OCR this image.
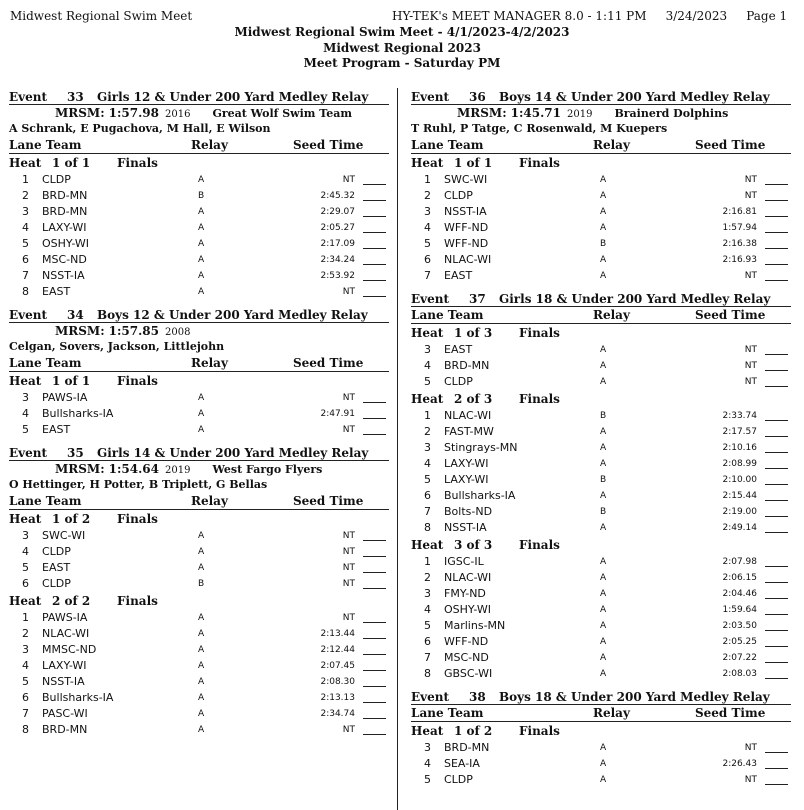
Midwest Regional Swim Meet	HY-TEK's MEET MANAGER 8.0 - 1:11 PM     3/24/2023     Page 1
Midwest Regional Swim Meet - 4/1/2023-4/2/2023
Midwest Regional 2023
Meet Program - Saturday PM
Event 33 Girls 12 & Under 200 Yard Medley Relay
MRSM: 1:57.98 2016 Great Wolf Swim Team
A Schrank, E Pugachova, M Hall, E Wilson
Lane Team	Relay	Seed Time
Heat 1 of 1 Finals
1 CLDP	A	NT
2 BRD-MN	B	2:45.32
3 BRD-MN	A	2:29.07
4 LAXY-WI	A	2:05.27
5 OSHY-WI	A	2:17.09
6 MSC-ND	A	2:34.24
7 NSST-IA	A	2:53.92
8 EAST	A	NT
Event 34 Boys 12 & Under 200 Yard Medley Relay
MRSM: 1:57.85 2008
Celgan, Sovers, Jackson, Littlejohn
Lane Team	Relay	Seed Time
Heat 1 of 1 Finals
3 PAWS-IA	A	NT
4 Bullsharks-IA	A	2:47.91
5 EAST	A	NT
Event 35 Girls 14 & Under 200 Yard Medley Relay
MRSM: 1:54.64 2019 West Fargo Flyers
O Hettinger, H Potter, B Triplett, G Bellas
Lane Team	Relay	Seed Time
Heat 1 of 2 Finals
3 SWC-WI	A	NT
4 CLDP	A	NT
5 EAST	A	NT
6 CLDP	B	NT
Heat 2 of 2 Finals
1 PAWS-IA	A	NT
2 NLAC-WI	A	2:13.44
3 MMSC-ND	A	2:12.44
4 LAXY-WI	A	2:07.45
5 NSST-IA	A	2:08.30
6 Bullsharks-IA	A	2:13.13
7 PASC-WI	A	2:34.74
8 BRD-MN	A	NT
Event 36 Boys 14 & Under 200 Yard Medley Relay
MRSM: 1:45.71 2019 Brainerd Dolphins
T Ruhl, P Tatge, C Rosenwald, M Kuepers
Lane Team	Relay	Seed Time
Heat 1 of 1 Finals
1 SWC-WI	A	NT
2 CLDP	A	NT
3 NSST-IA	A	2:16.81
4 WFF-ND	A	1:57.94
5 WFF-ND	B	2:16.38
6 NLAC-WI	A	2:16.93
7 EAST	A	NT
Event 37 Girls 18 & Under 200 Yard Medley Relay
Lane Team	Relay	Seed Time
Heat 1 of 3 Finals
3 EAST	A	NT
4 BRD-MN	A	NT
5 CLDP	A	NT
Heat 2 of 3 Finals
1 NLAC-WI	B	2:33.74
2 FAST-MW	A	2:17.57
3 Stingrays-MN	A	2:10.16
4 LAXY-WI	A	2:08.99
5 LAXY-WI	B	2:10.00
6 Bullsharks-IA	A	2:15.44
7 Bolts-ND	B	2:19.00
8 NSST-IA	A	2:49.14
Heat 3 of 3 Finals
1 IGSC-IL	A	2:07.98
2 NLAC-WI	A	2:06.15
3 FMY-ND	A	2:04.46
4 OSHY-WI	A	1:59.64
5 Marlins-MN	A	2:03.50
6 WFF-ND	A	2:05.25
7 MSC-ND	A	2:07.22
8 GBSC-WI	A	2:08.03
Event 38 Boys 18 & Under 200 Yard Medley Relay
Lane Team	Relay	Seed Time
Heat 1 of 2 Finals
3 BRD-MN	A	NT
4 SEA-IA	A	2:26.43
5 CLDP	A	NT
